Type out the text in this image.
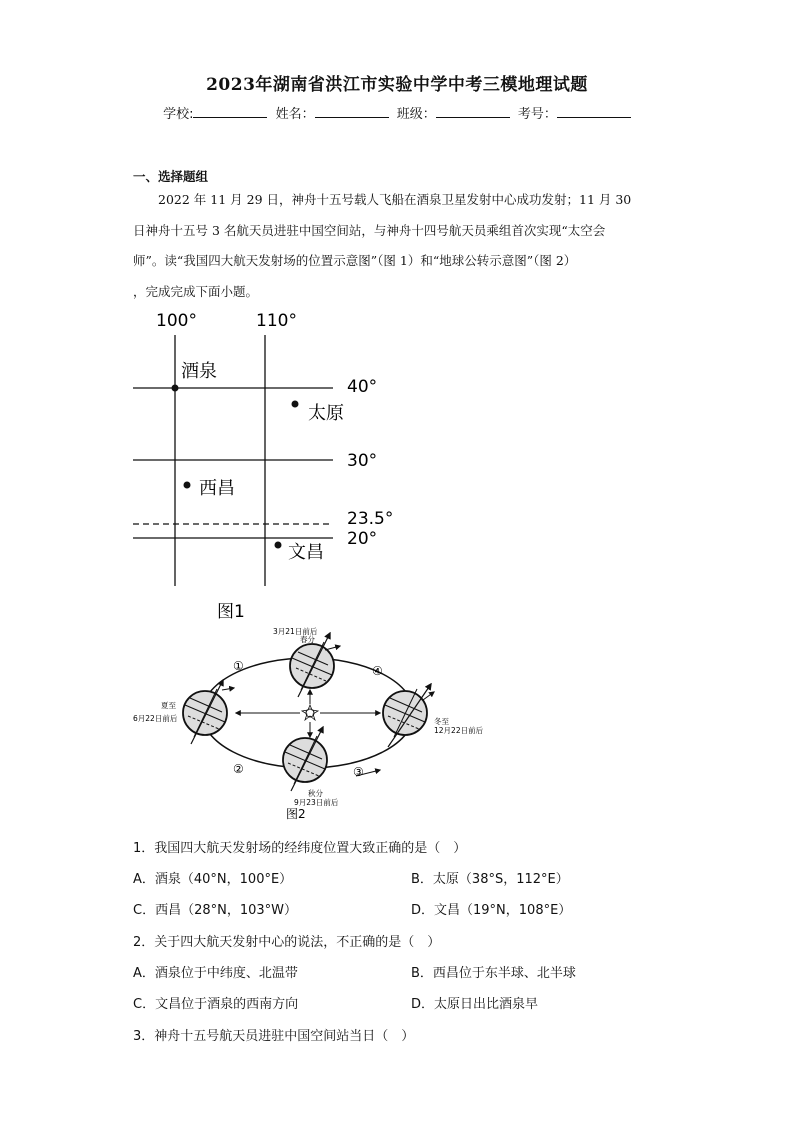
2023年湖南省洪江市实验中学中考三模地理试题
学校:	姓名：	班级：	考号：
一、选择题组
2022 年 11 月 29 日，神舟十五号载人飞船在酒泉卫星发射中心成功发射；11 月 30
日神舟十五号 3 名航天员进驻中国空间站，与神舟十四号航天员乘组首次实现“太空会
师”。读“我国四大航天发射场的位置示意图”（图 1）和“地球公转示意图”（图 2）
，完成完成下面小题。
100°	110°
40°
30°
23.5°
20°
酒泉
太原
西昌
文昌
图1
3月21日前后
春分
夏至
6月22日前后	冬至
12月22日前后
秋分
9月23日前后
①
②	③
④
图2
1．我国四大航天发射场的经纬度位置大致正确的是（　）
A．酒泉（40°N，100°E）	B．太原（38°S，112°E）
C．西昌（28°N，103°W）	D．文昌（19°N，108°E）
2．关于四大航天发射中心的说法，不正确的是（　）
A．酒泉位于中纬度、北温带	B．西昌位于东半球、北半球
C．文昌位于酒泉的西南方向	D．太原日出比酒泉早
3．神舟十五号航天员进驻中国空间站当日（　）
